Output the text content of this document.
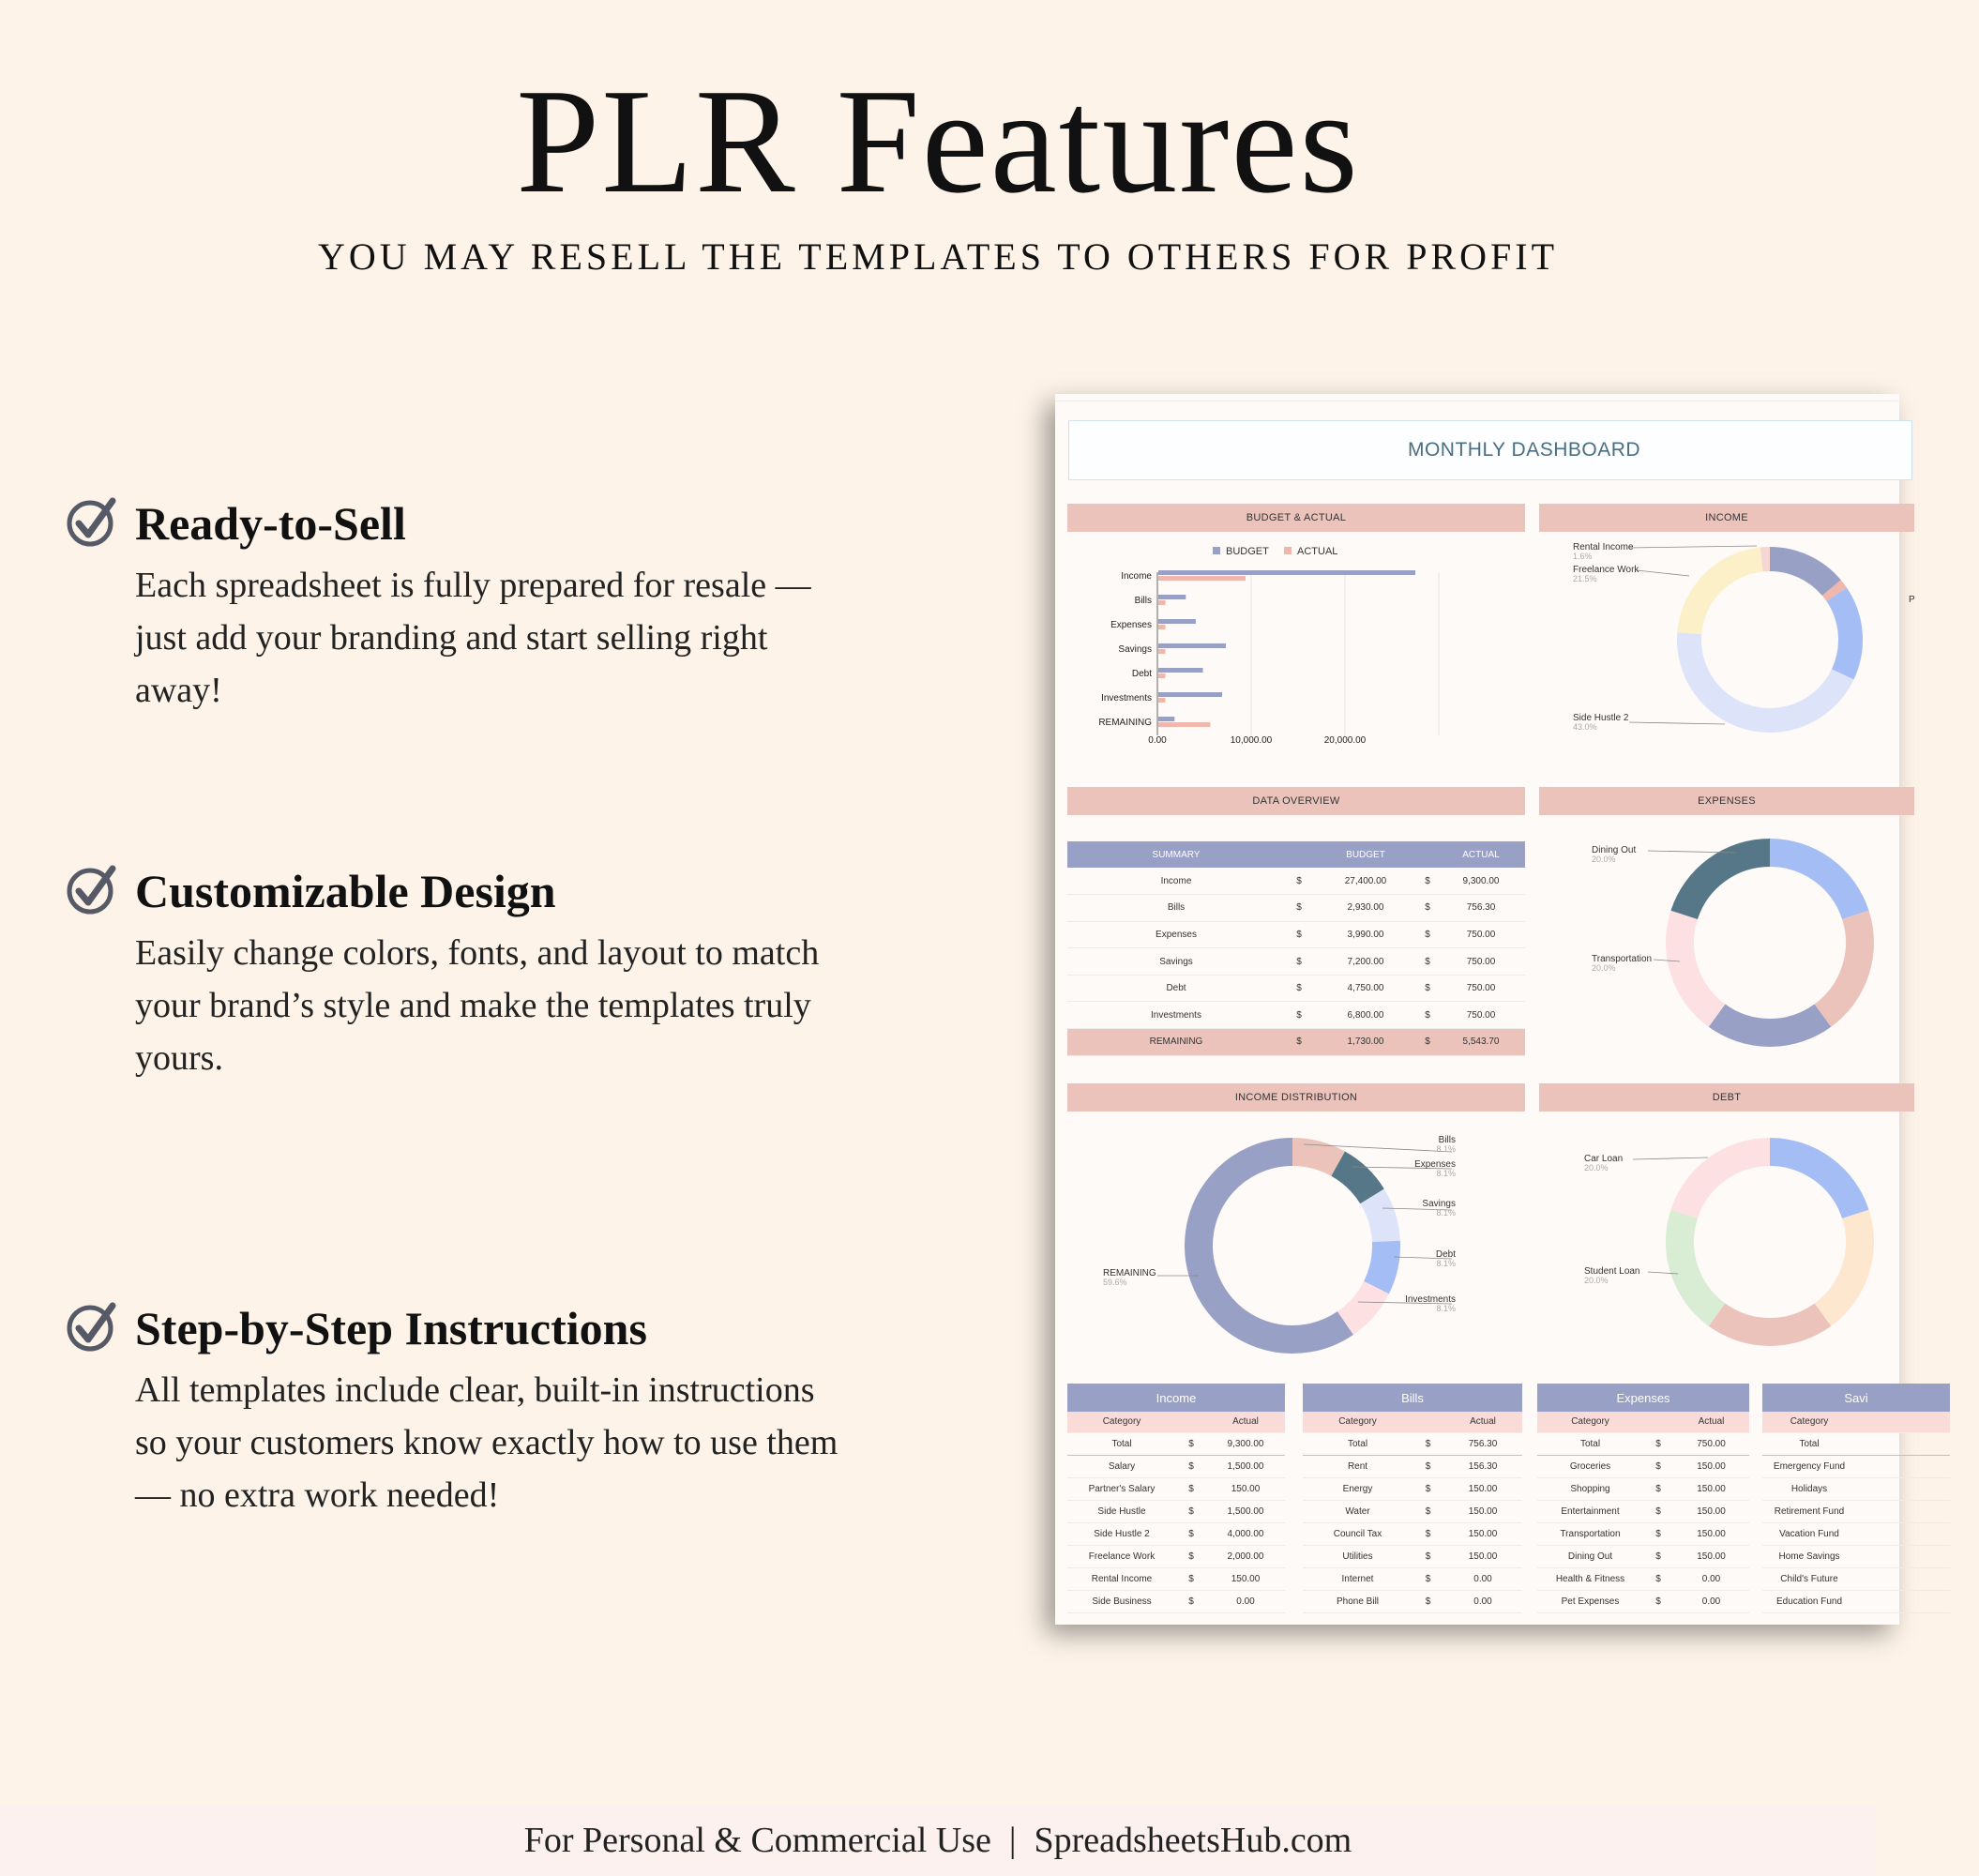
PLR Features
YOU MAY RESELL THE TEMPLATES TO OTHERS FOR PROFIT
Ready-to-Sell

Each spreadsheet is fully prepared for resale —
just add your branding and start selling right
away!

Customizable Design

Easily change colors, fonts, and layout to match
your brand’s style and make the templates truly
yours.

Step-by-Step Instructions

All templates include clear, built-in instructions
so your customers know exactly how to use them
— no extra work needed!

MONTHLY DASHBOARD
BUDGET & ACTUAL	INCOME
BUDGET	ACTUAL
Income
Bills
Expenses
Savings
Debt
Investments
REMAINING
0.00	10,000.00	20,000.00
Rental Income
1.6%
Freelance Work
21.5%
Side Hustle 2
43.0%
P
DATA OVERVIEW	EXPENSES
SUMMARY		BUDGET		ACTUAL
Income	$	27,400.00	$	9,300.00
Bills	$	2,930.00	$	756.30
Expenses	$	3,990.00	$	750.00
Savings	$	7,200.00	$	750.00
Debt	$	4,750.00	$	750.00
Investments	$	6,800.00	$	750.00
REMAINING	$	1,730.00	$	5,543.70
Dining Out
20.0%
Transportation
20.0%
INCOME DISTRIBUTION	DEBT
Bills
8.1%
Expenses
8.1%
Savings
8.1%
Debt
8.1%
Investments
8.1%
REMAINING
59.6%
Car Loan
20.0%
Student Loan
20.0%
Income		
Category		Actual
Total	$	9,300.00
Salary	$	1,500.00
Partner's Salary	$	150.00
Side Hustle	$	1,500.00
Side Hustle 2	$	4,000.00
Freelance Work	$	2,000.00
Rental Income	$	150.00
Side Business	$	0.00
Bills		
Category		Actual
Total	$	756.30
Rent	$	156.30
Energy	$	150.00
Water	$	150.00
Council Tax	$	150.00
Utilities	$	150.00
Internet	$	0.00
Phone Bill	$	0.00
Expenses		
Category		Actual
Total	$	750.00
Groceries	$	150.00
Shopping	$	150.00
Entertainment	$	150.00
Transportation	$	150.00
Dining Out	$	150.00
Health & Fitness	$	0.00
Pet Expenses	$	0.00
Savi		
Category		
Total		
Emergency Fund		
Holidays		
Retirement Fund		
Vacation Fund		
Home Savings		
Child's Future		
Education Fund		
For Personal & Commercial Use | SpreadsheetsHub.com
